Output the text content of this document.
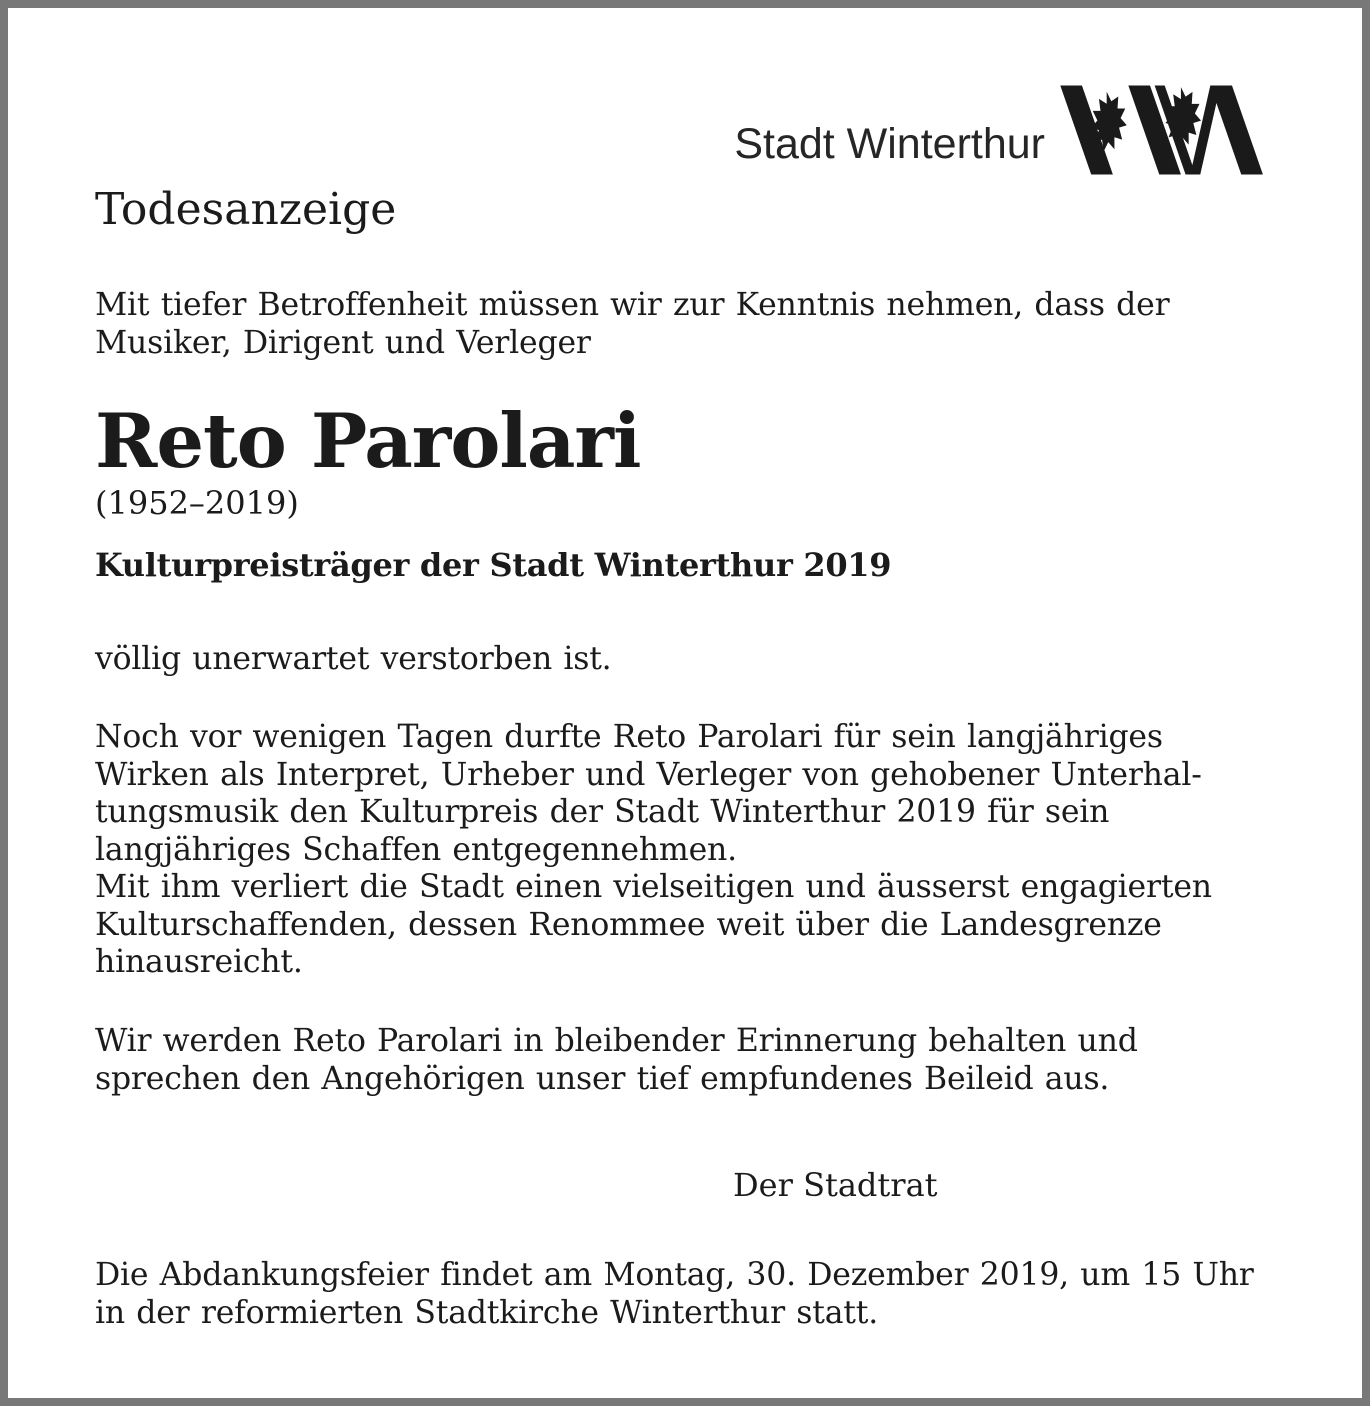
Stadt Winterthur
Todesanzeige
Mit tiefer Betroffenheit müssen wir zur Kenntnis nehmen, dass der
Musiker, Dirigent und Verleger
Reto Parolari
(1952–2019)
Kulturpreisträger der Stadt Winterthur 2019
völlig unerwartet verstorben ist.
Noch vor wenigen Tagen durfte Reto Parolari für sein langjähriges
Wirken als Interpret, Urheber und Verleger von gehobener Unterhal-
tungsmusik den Kulturpreis der Stadt Winterthur 2019 für sein
langjähriges Schaffen entgegennehmen.
Mit ihm verliert die Stadt einen vielseitigen und äusserst engagierten
Kulturschaffenden, dessen Renommee weit über die Landesgrenze
hinausreicht.
Wir werden Reto Parolari in bleibender Erinnerung behalten und
sprechen den Angehörigen unser tief empfundenes Beileid aus.
Der Stadtrat
Die Abdankungsfeier findet am Montag, 30. Dezember 2019, um 15 Uhr
in der reformierten Stadtkirche Winterthur statt.
